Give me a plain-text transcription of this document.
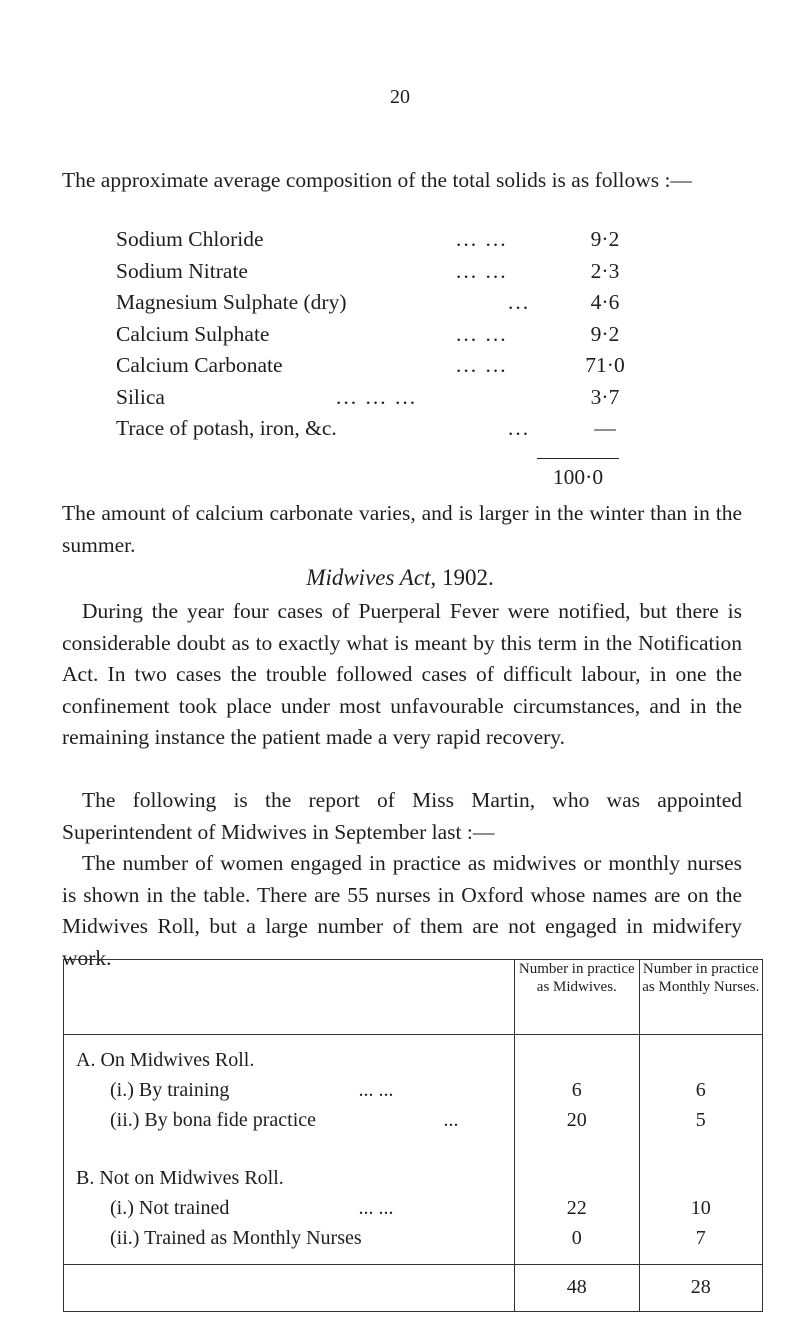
20

The approximate average composition of the total solids is as follows :—

Sodium Chloride	... ...	9·2
Sodium Nitrate	... ...	2·3
Magnesium Sulphate (dry)	...	4·6
Calcium Sulphate	... ...	9·2
Calcium Carbonate	... ...	71·0
Silica	... ... ...	3·7
Trace of potash, iron, &c.	...	—
100·0

The amount of calcium carbonate varies, and is larger in the winter than in the summer.

Midwives Act, 1902.

During the year four cases of Puerperal Fever were notified, but there is considerable doubt as to exactly what is meant by this term in the Notification Act. In two cases the trouble followed cases of difficult labour, in one the confinement took place under most unfavourable circumstances, and in the remaining instance the patient made a very rapid recovery.

The following is the report of Miss Martin, who was appointed Superintendent of Midwives in September last :—

The number of women engaged in practice as midwives or monthly nurses is shown in the table. There are 55 nurses in Oxford whose names are on the Midwives Roll, but a large number of them are not engaged in midwifery work.

		Number in practice as Midwives.	Number in practice as Monthly Nurses.

A. On Midwives Roll.		
(i.) By training ... ...	6	6
(ii.) By bona fide practice ...	20	5

B. Not on Midwives Roll.		
(i.) Not trained ... ...	22	10
(ii.) Trained as Monthly Nurses	0	7

	48	28
